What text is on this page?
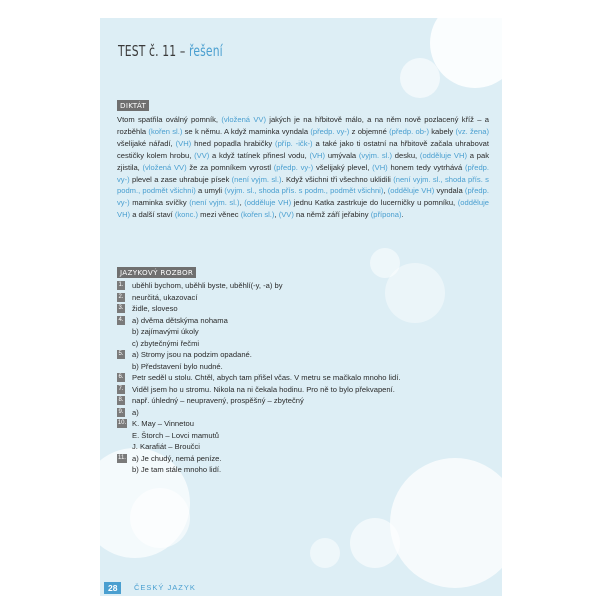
TEST č. 11 – řešení
DIKTÁT
Vtom spatřila oválný pomník, (vložená VV) jakých je na hřbitově málo, a na něm nově pozlacený kříž – a rozběhla (kořen sl.) se k němu. A když maminka vyndala (předp. vy-) z objemné (předp. ob-) kabely (vz. žena) všelijaké nářadí, (VH) hned popadla hrabičky (příp. -ičk-) a také jako ti ostatní na hřbitově začala uhrabovat cestičky kolem hrobu, (VV) a když tatínek přinesl vodu, (VH) umývala (vyjm. sl.) desku, (odděluje VH) a pak zjistila, (vložená VV) že za pomníkem vyrostl (předp. vy-) všelijaký plevel, (VH) honem tedy vytrhává (předp. vy-) plevel a zase uhrabuje písek (není vyjm. sl.). Když všichni tři všechno uklidili (není vyjm. sl., shoda přís. s podm., podmět všichni) a umyli (vyjm. sl., shoda přís. s podm., podmět všichni), (odděluje VH) vyndala (předp. vy-) maminka svíčky (není vyjm. sl.), (odděluje VH) jednu Katka zastrkuje do lucerničky u pomníku, (odděluje VH) a další staví (konc.) mezi věnec (kořen sl.), (VV) na němž září jeřabiny (přípona).
JAZYKOVÝ ROZBOR
1. uběhli bychom, uběhli byste, uběhlí(-y, -a) by
2. neurčitá, ukazovací
3. židle, sloveso
4. a) dvěma dětskýma nohama
b) zajímavými úkoly
c) zbytečnými řečmi
5. a) Stromy jsou na podzim opadané.
b) Představení bylo nudné.
6. Petr seděl u stolu. Chtěl, abych tam přišel včas. V metru se mačkalo mnoho lidí.
7. Viděl jsem ho u stromu. Nikola na ni čekala hodinu. Pro ně to bylo překvapení.
8. např. úhledný – neupravený, prospěšný – zbytečný
9. a)
10. K. May – Vinnetou
E. Štorch – Lovci mamutů
J. Karafiát – Broučci
11. a) Je chudý, nemá peníze.
b) Je tam stále mnoho lidí.
28	ČESKÝ JAZYK
